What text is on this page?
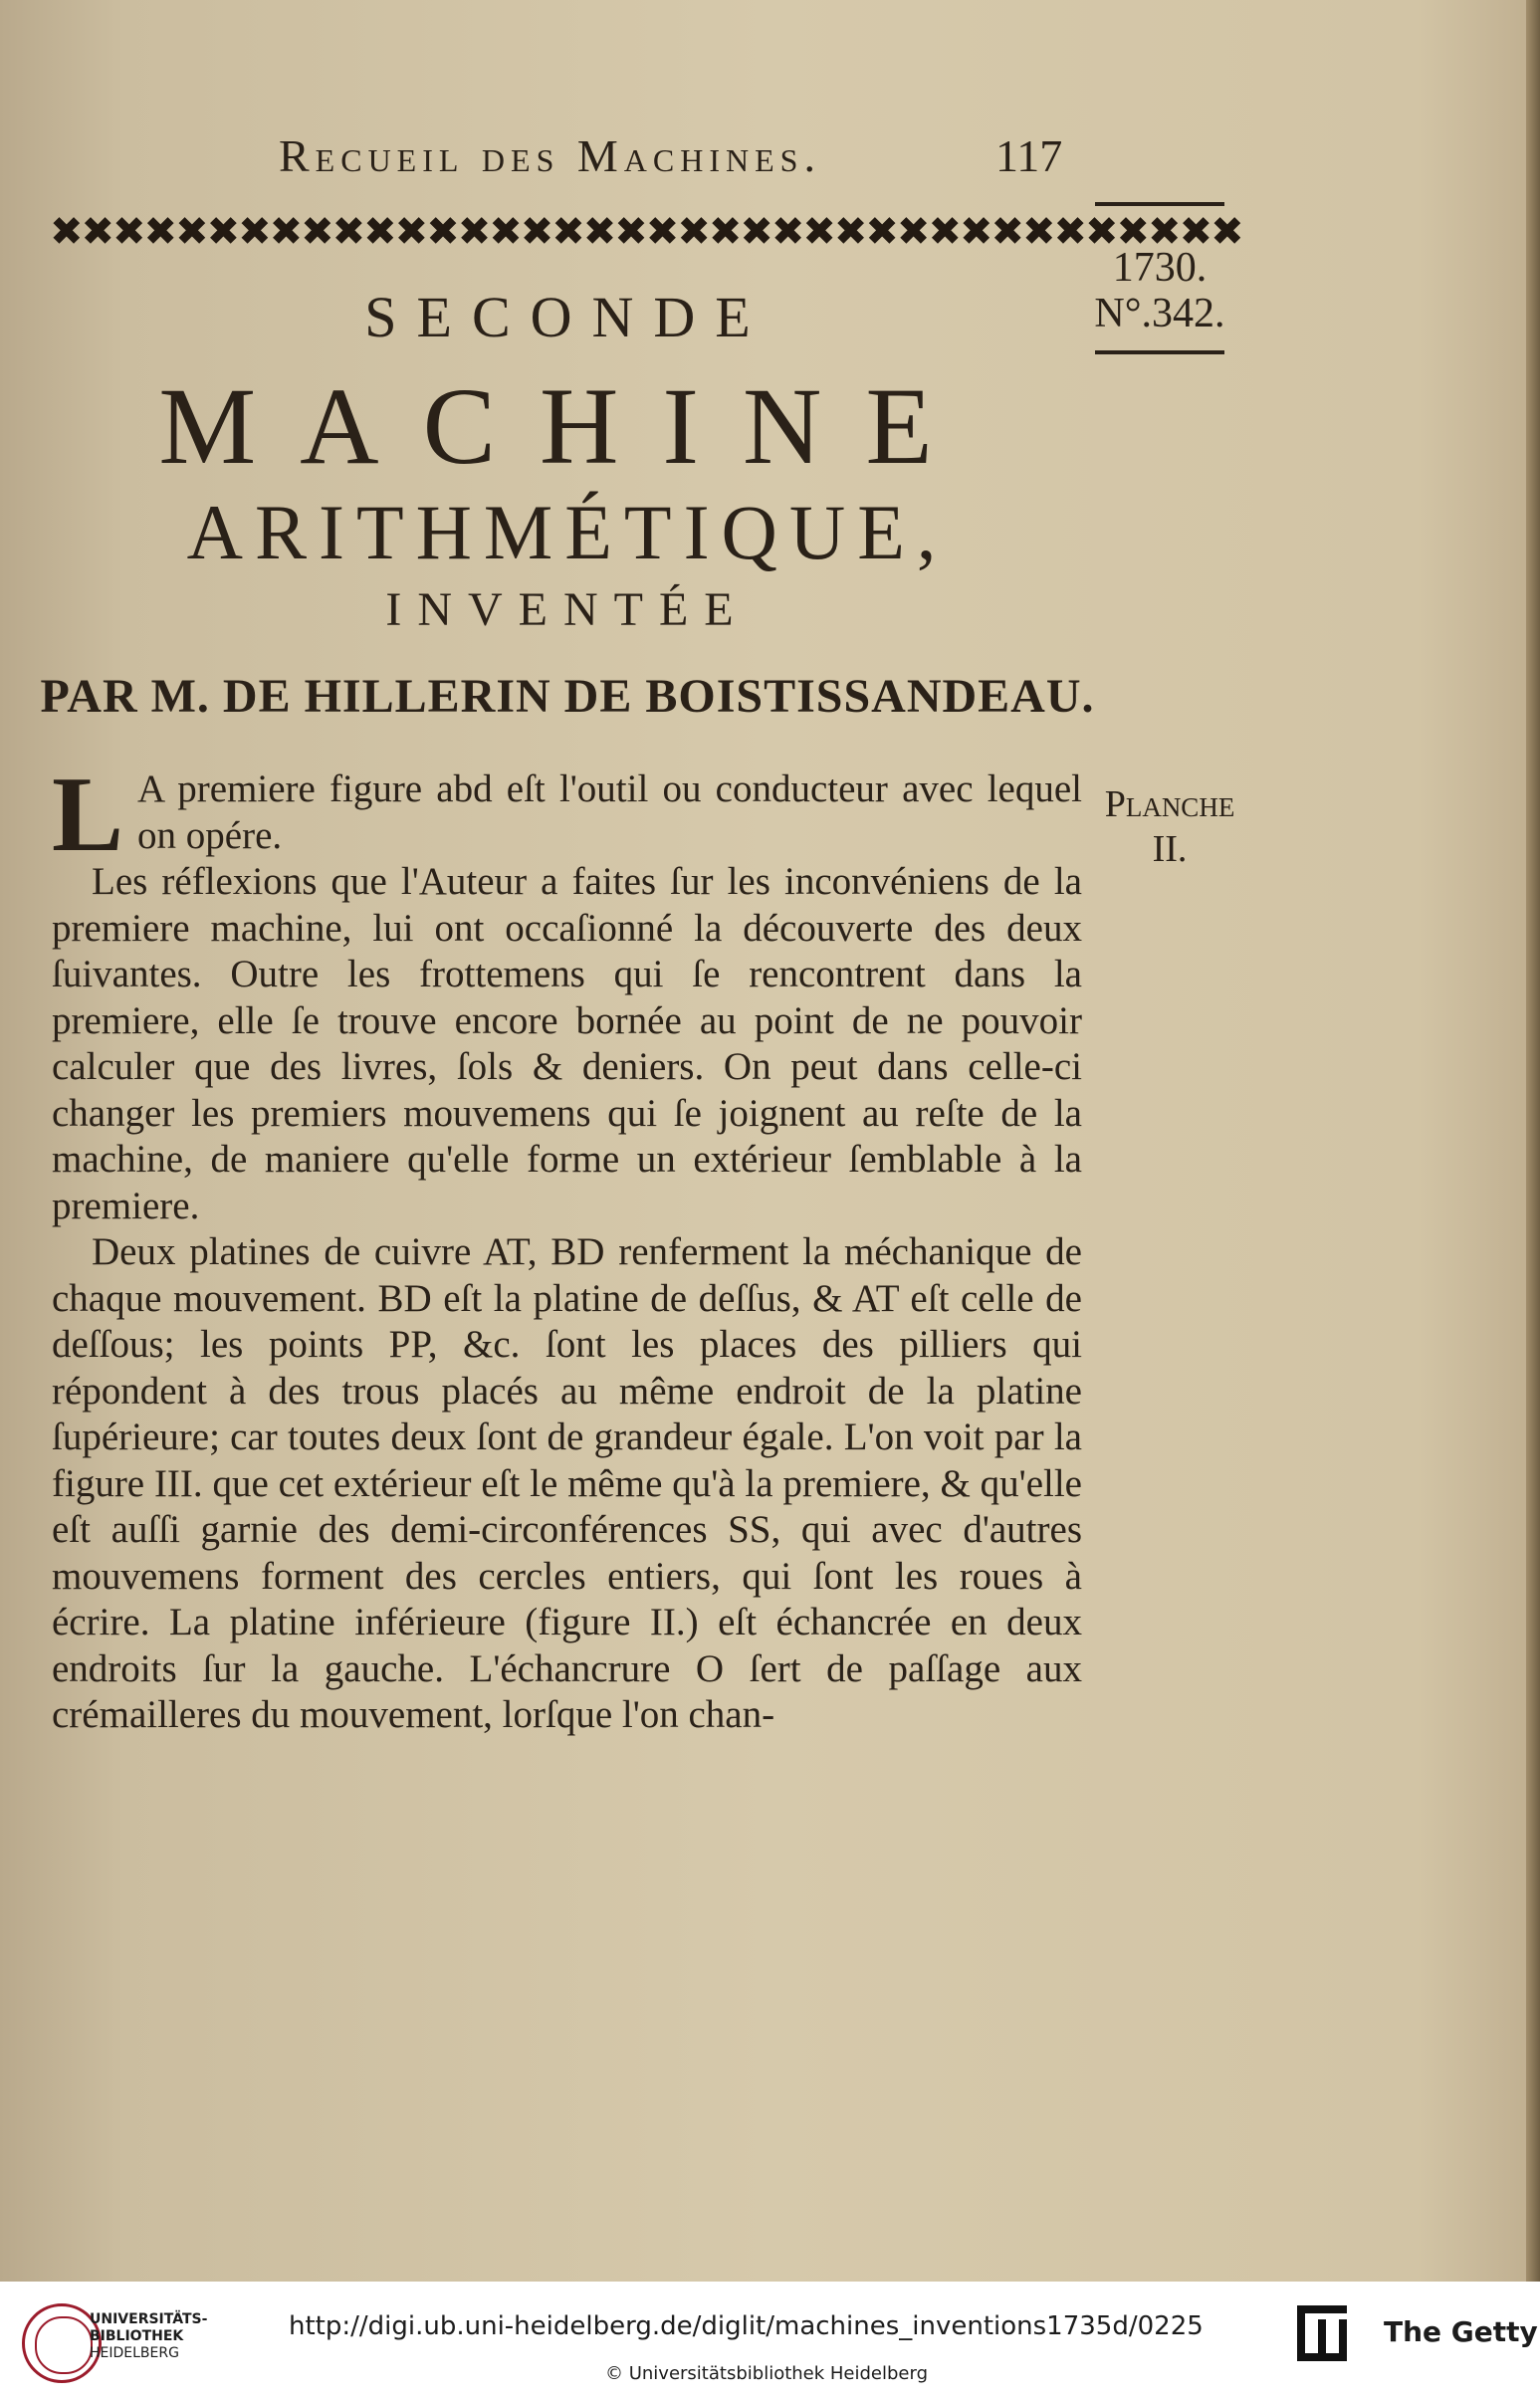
Recueil des Machines.	117
✖✖✖✖✖✖✖✖✖✖✖✖✖✖✖✖✖✖✖✖✖✖✖✖✖✖✖✖✖✖✖✖✖✖✖✖✖✖
1730.
N°.342.
SECONDE
MACHINE
ARITHMÉTIQUE,
INVENTÉE
PAR M. DE HILLERIN DE BOISTISSANDEAU.
Planche
II.

L A premiere figure abd eſt l'outil ou conducteur avec lequel on opére.

Les réflexions que l'Auteur a faites ſur les inconvéniens de la premiere machine, lui ont occaſionné la découverte des deux ſuivantes. Outre les frottemens qui ſe rencontrent dans la premiere, elle ſe trouve encore bornée au point de ne pouvoir calculer que des livres, ſols & deniers. On peut dans celle-ci changer les premiers mouvemens qui ſe joignent au reſte de la machine, de maniere qu'elle forme un extérieur ſemblable à la premiere.

Deux platines de cuivre AT, BD renferment la méchanique de chaque mouvement. BD eſt la platine de deſſus, & AT eſt celle de deſſous; les points PP, &c. ſont les places des pilliers qui répondent à des trous placés au même endroit de la platine ſupérieure; car toutes deux ſont de grandeur égale. L'on voit par la figure III. que cet extérieur eſt le même qu'à la premiere, & qu'elle eſt auſſi garnie des demi-circonférences SS, qui avec d'autres mouvemens forment des cercles entiers, qui ſont les roues à écrire. La platine inférieure (figure II.) eſt échancrée en deux endroits ſur la gauche. L'échancrure O ſert de paſſage aux crémailleres du mouvement, lorſque l'on chan-

UNIVERSITÄTS-
BIBLIOTHEK
HEIDELBERG
http://digi.ub.uni-heidelberg.de/diglit/machines_inventions1735d/0225
© Universitätsbibliothek Heidelberg
The Getty
